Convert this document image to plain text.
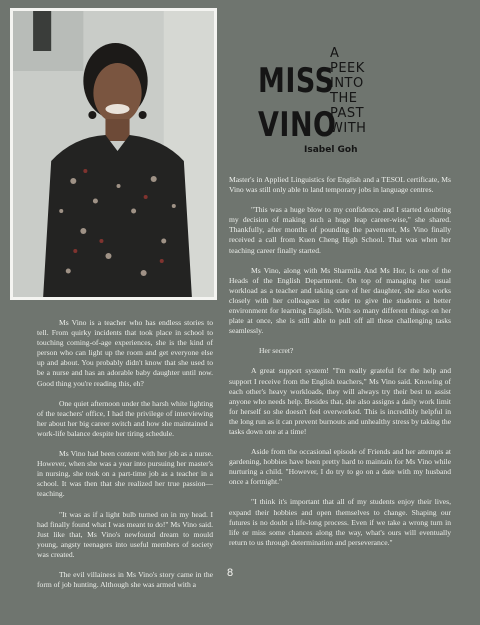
MISS
VINO
A
PEEK
INTO
THE
PAST
WITH
Isabel Goh

Ms Vino is a teacher who has endless stories to tell. From quirky incidents that took place in school to touching coming-of-age experiences, she is the kind of person who can light up the room and get everyone else up and about. You probably didn't know that she used to be a nurse and has an adorable baby daughter until now. Good thing you're reading this, eh?

One quiet afternoon under the harsh white lighting of the teachers' office, I had the privilege of interviewing her about her big career switch and how she maintained a work-life balance despite her tiring schedule.

Ms Vino had been content with her job as a nurse. However, when she was a year into pursuing her master's in nursing, she took on a part-time job as a teacher in a school. It was then that she realized her true passion— teaching.

"It was as if a light bulb turned on in my head. I had finally found what I was meant to do!" Ms Vino said. Just like that, Ms Vino's newfound dream to mould young, angsty teenagers into useful members of society was created.

The evil villainess in Ms Vino's story came in the form of job hunting. Although she was armed with a

Master's in Applied Linguistics for English and a TESOL certificate, Ms Vino was still only able to land temporary jobs in language centres.

"This was a huge blow to my confidence, and I started doubting my decision of making such a huge leap career-wise," she shared. Thankfully, after months of pounding the pavement, Ms Vino finally received a call from Kuen Cheng High School. That was when her teaching career finally started.

Ms Vino, along with Ms Sharmila And Ms Hor, is one of the Heads of the English Department. On top of managing her usual workload as a teacher and taking care of her daughter, she also works closely with her colleagues in order to give the students a better environment for learning English. With so many different things on her plate at once, she is still able to pull off all these challenging tasks seamlessly.

Her secret?

A great support system! "I'm really grateful for the help and support I receive from the English teachers," Ms Vino said. Knowing of each other's heavy workloads, they will always try their best to assist anyone who needs help. Besides that, she also assigns a daily work limit for herself so she doesn't feel overworked. This is incredibly helpful in the long run as it can prevent burnouts and unhealthy stress by taking the tasks down one at a time!

Aside from the occasional episode of Friends and her attempts at gardening, hobbies have been pretty hard to maintain for Ms Vino while nurturing a child. "However, I do try to go on a date with my husband once a fortnight."

"I think it's important that all of my students enjoy their lives, expand their hobbies and open themselves to change. Shaping our futures is no doubt a life-long process. Even if we take a wrong turn in life or miss some chances along the way, what's ours will eventually return to us through determination and perseverance."

8
